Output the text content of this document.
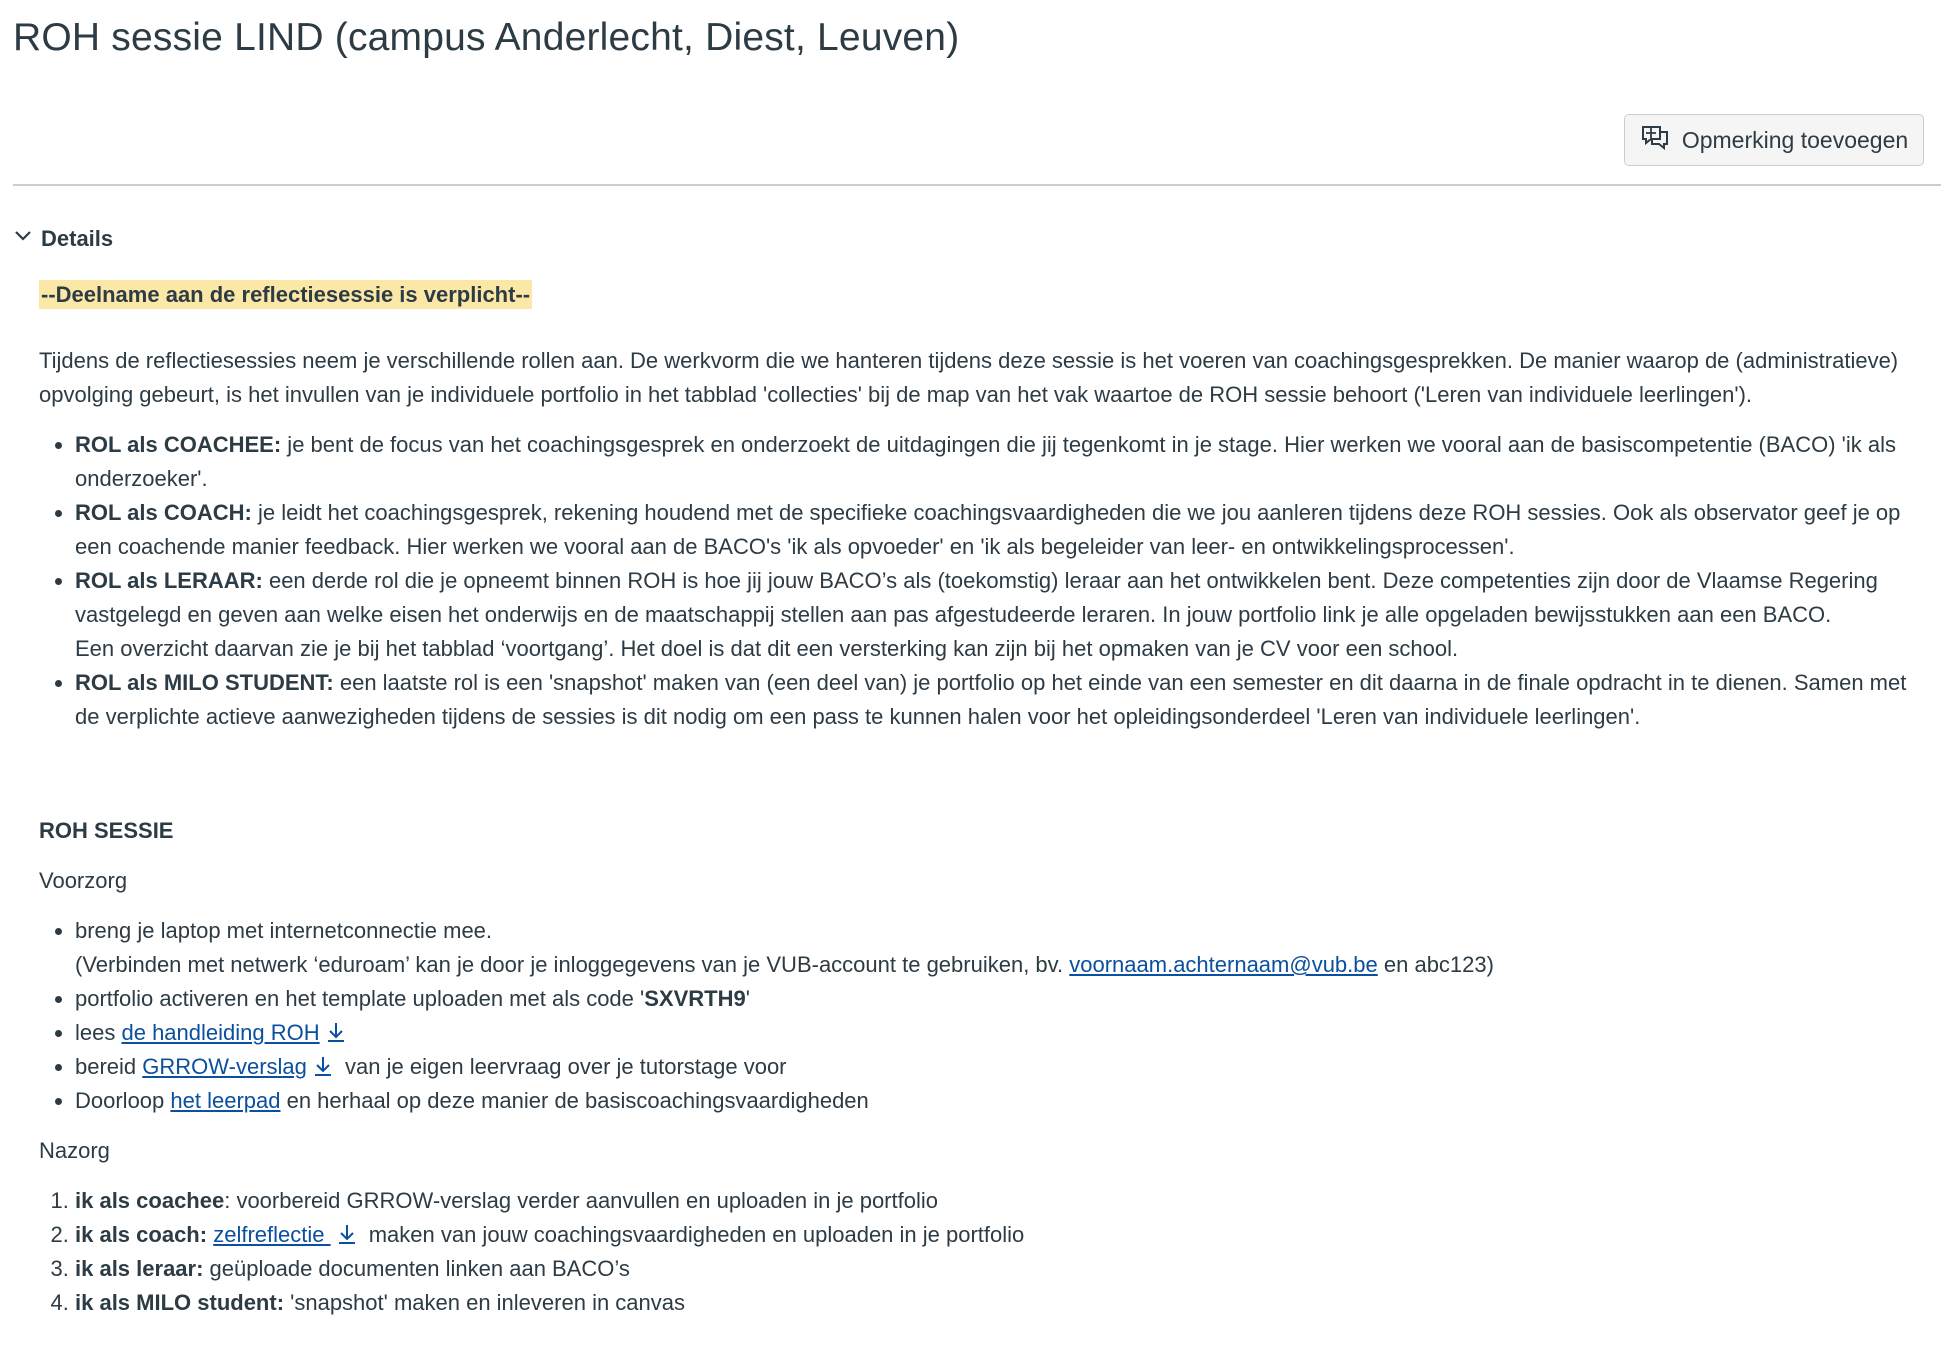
ROH sessie LIND (campus Anderlecht, Diest, Leuven)
Opmerking toevoegen
Details

--Deelname aan de reflectiesessie is verplicht--

Tijdens de reflectiesessies neem je verschillende rollen aan. De werkvorm die we hanteren tijdens deze sessie is het voeren van coachingsgesprekken. De manier waarop de (administratieve) opvolging gebeurt, is het invullen van je individuele portfolio in het tabblad 'collecties' bij de map van het vak waartoe de ROH sessie behoort ('Leren van individuele leerlingen').

• ROL als COACHEE: je bent de focus van het coachingsgesprek en onderzoekt de uitdagingen die jij tegenkomt in je stage. Hier werken we vooral aan de basiscompetentie (BACO) 'ik als onderzoeker'.
• ROL als COACH: je leidt het coachingsgesprek, rekening houdend met de specifieke coachingsvaardigheden die we jou aanleren tijdens deze ROH sessies. Ook als observator geef je op een coachende manier feedback. Hier werken we vooral aan de BACO's 'ik als opvoeder' en 'ik als begeleider van leer- en ontwikkelingsprocessen'.
• ROL als LERAAR: een derde rol die je opneemt binnen ROH is hoe jij jouw BACO’s als (toekomstig) leraar aan het ontwikkelen bent. Deze competenties zijn door de Vlaamse Regering vastgelegd en geven aan welke eisen het onderwijs en de maatschappij stellen aan pas afgestudeerde leraren. In jouw portfolio link je alle opgeladen bewijsstukken aan een BACO.
Een overzicht daarvan zie je bij het tabblad ‘voortgang’. Het doel is dat dit een versterking kan zijn bij het opmaken van je CV voor een school.
• ROL als MILO STUDENT: een laatste rol is een 'snapshot' maken van (een deel van) je portfolio op het einde van een semester en dit daarna in de finale opdracht in te dienen. Samen met de verplichte actieve aanwezigheden tijdens de sessies is dit nodig om een pass te kunnen halen voor het opleidingsonderdeel 'Leren van individuele leerlingen'.

ROH SESSIE

Voorzorg

• breng je laptop met internetconnectie mee.
(Verbinden met netwerk ‘eduroam’ kan je door je inloggegevens van je VUB-account te gebruiken, bv. voornaam.achternaam@vub.be en abc123)
• portfolio activeren en het template uploaden met als code 'SXVRTH9'
• lees de handleiding ROH
• bereid GRROW-verslag van je eigen leervraag over je tutorstage voor
• Doorloop het leerpad en herhaal op deze manier de basiscoachingsvaardigheden

Nazorg

1. ik als coachee: voorbereid GRROW-verslag verder aanvullen en uploaden in je portfolio
2. ik als coach: zelfreflectie  maken van jouw coachingsvaardigheden en uploaden in je portfolio
3. ik als leraar: geüploade documenten linken aan BACO’s
4. ik als MILO student: 'snapshot' maken en inleveren in canvas
